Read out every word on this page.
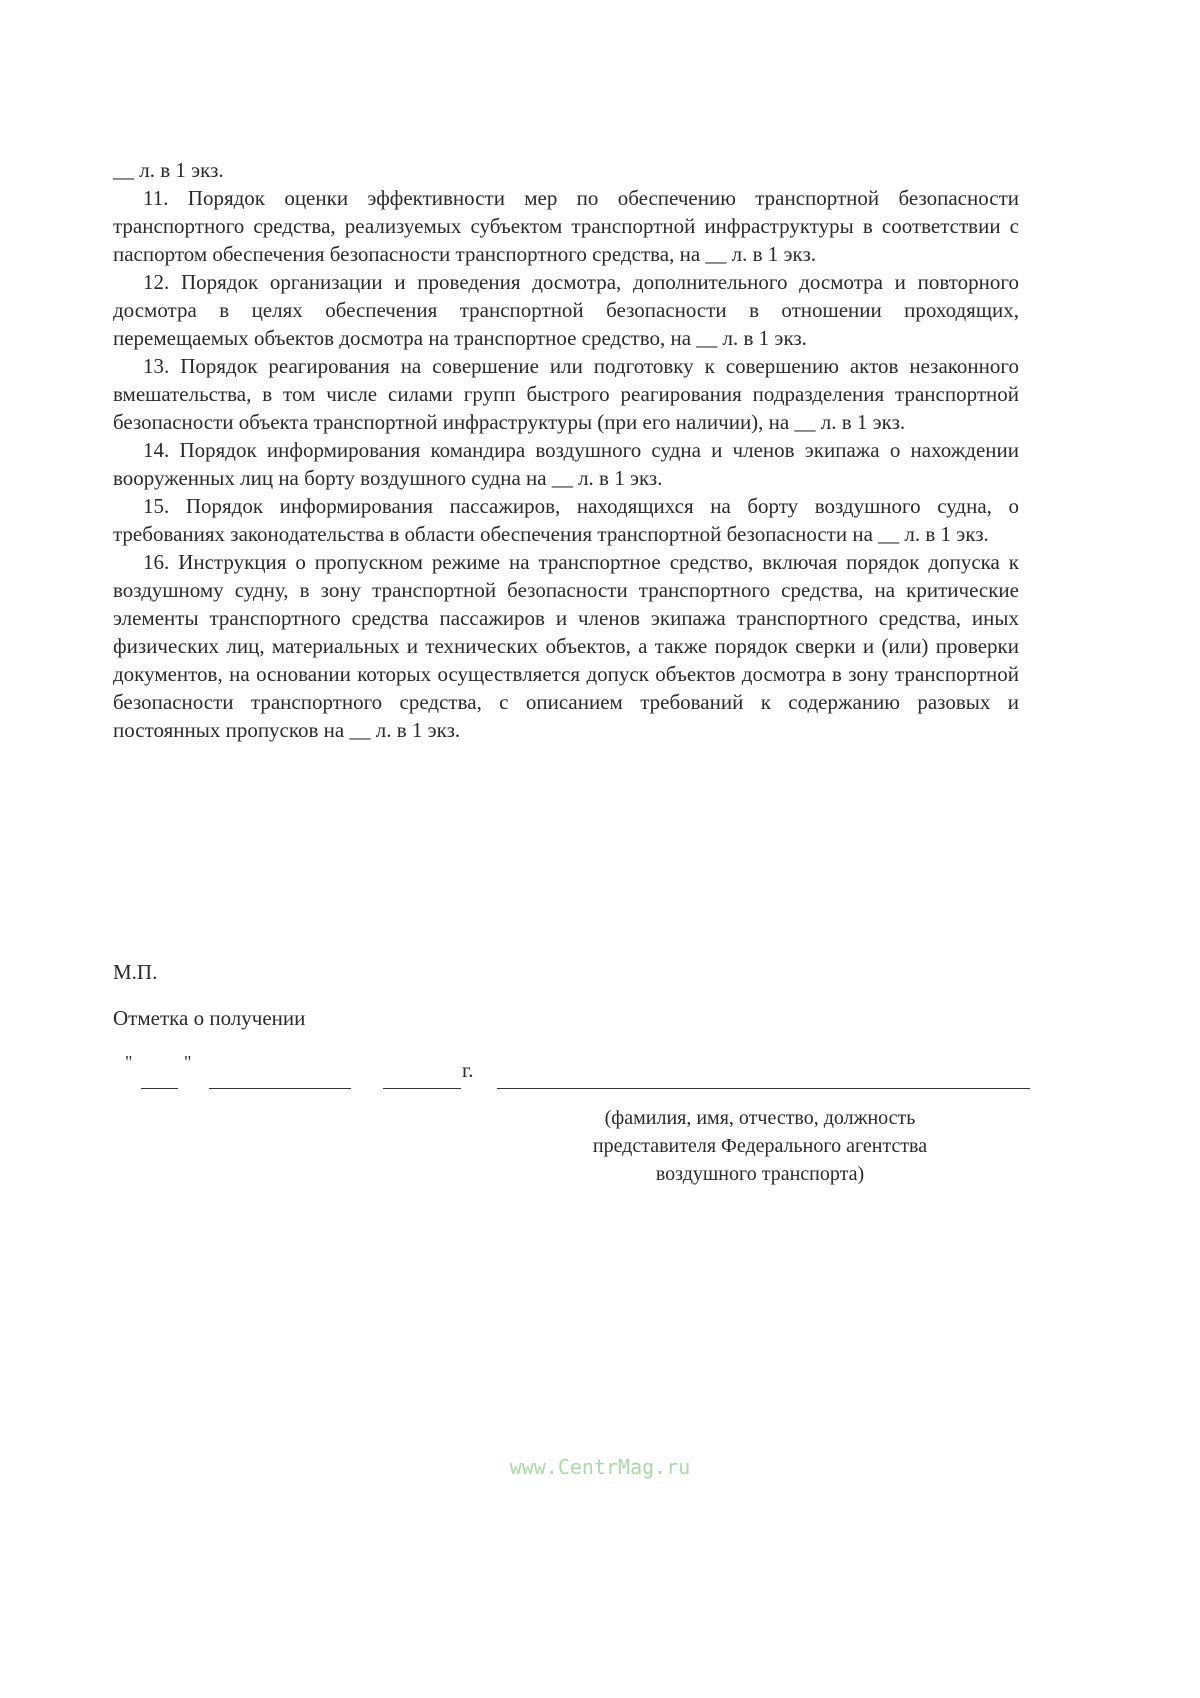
__ л. в 1 экз.

11. Порядок оценки эффективности мер по обеспечению транспортной безопасности транспортного средства, реализуемых субъектом транспортной инфраструктуры в соответствии с паспортом обеспечения безопасности транспортного средства, на __ л. в 1 экз.

12. Порядок организации и проведения досмотра, дополнительного досмотра и повторного досмотра в целях обеспечения транспортной безопасности в отношении проходящих, перемещаемых объектов досмотра на транспортное средство, на __ л. в 1 экз.

13. Порядок реагирования на совершение или подготовку к совершению актов незаконного вмешательства, в том числе силами групп быстрого реагирования подразделения транспортной безопасности объекта транспортной инфраструктуры (при его наличии), на __ л. в 1 экз.

14. Порядок информирования командира воздушного судна и членов экипажа о нахождении вооруженных лиц на борту воздушного судна на __ л. в 1 экз.

15. Порядок информирования пассажиров, находящихся на борту воздушного судна, о требованиях законодательства в области обеспечения транспортной безопасности на __ л. в 1 экз.

16. Инструкция о пропускном режиме на транспортное средство, включая порядок допуска к воздушному судну, в зону транспортной безопасности транспортного средства, на критические элементы транспортного средства пассажиров и членов экипажа транспортного средства, иных физических лиц, материальных и технических объектов, а также порядок сверки и (или) проверки документов, на основании которых осуществляется допуск объектов досмотра в зону транспортной безопасности транспортного средства, с описанием требований к содержанию разовых и постоянных пропусков на __ л. в 1 экз.

М.П.
Отметка о получении
"	"	г.
(фамилия, имя, отчество, должность
представителя Федерального агентства
воздушного транспорта)
www.CentrMag.ru
